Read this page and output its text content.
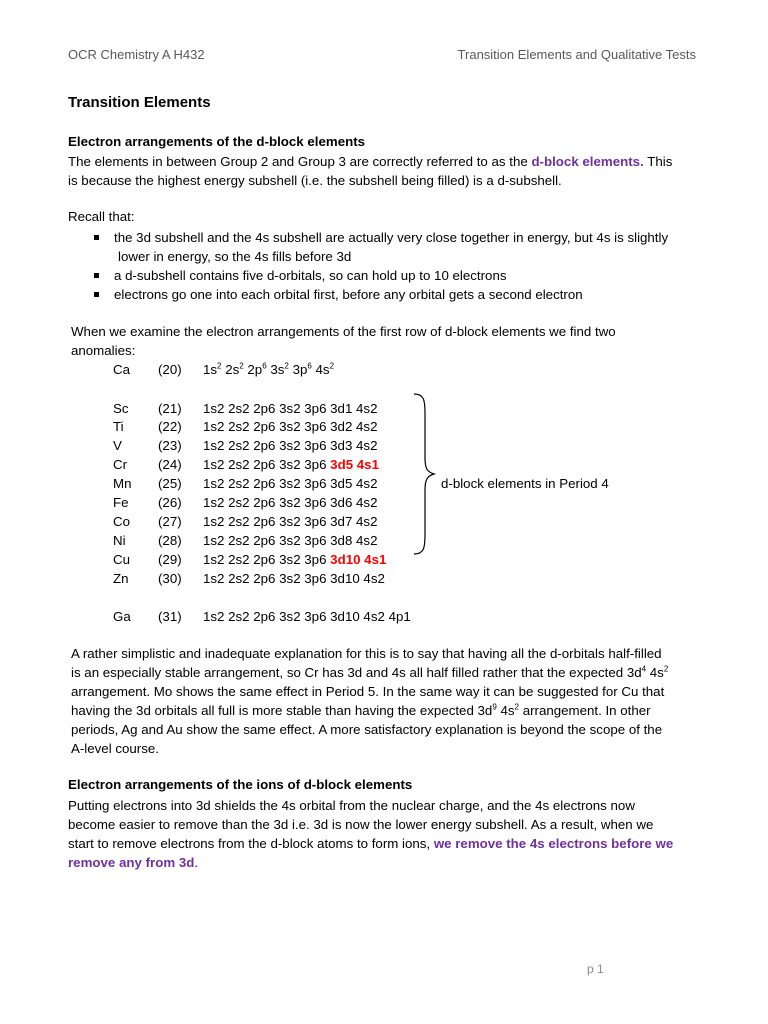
OCR Chemistry A H432	Transition Elements and Qualitative Tests
Transition Elements
Electron arrangements of the d-block elements
The elements in between Group 2 and Group 3 are correctly referred to as the d-block elements. This
is because the highest energy subshell (i.e. the subshell being filled) is a d-subshell.
Recall that:
the 3d subshell and the 4s subshell are actually very close together in energy, but 4s is slightly
lower in energy, so the 4s fills before 3d
a d-subshell contains five d-orbitals, so can hold up to 10 electrons
electrons go one into each orbital first, before any orbital gets a second electron
When we examine the electron arrangements of the first row of d-block elements we find two
anomalies:
Ca (20) $1s^2$ $2s^2$ $2p^6$ $3s^2$ $3p^6$ $4s^2$
Sc (21) 1s2 2s2 2p6 3s2 3p6 3d1 4s2
Ti	(22) 1s2 2s2 2p6 3s2 3p6 3d2 4s2
V	(23) 1s2 2s2 2p6 3s2 3p6 3d3 4s2
Cr (24) 1s2 2s2 2p6 3s2 3p6 3d5 4s1
Mn (25) 1s2 2s2 2p6 3s2 3p6 3d5 4s2
Fe (26) 1s2 2s2 2p6 3s2 3p6 3d6 4s2
Co (27) 1s2 2s2 2p6 3s2 3p6 3d7 4s2
Ni (28) 1s2 2s2 2p6 3s2 3p6 3d8 4s2
Cu (29) 1s2 2s2 2p6 3s2 3p6 3d10 4s1
Zn (30) 1s2 2s2 2p6 3s2 3p6 3d10 4s2
d-block elements in Period 4
Ga (31) 1s2 2s2 2p6 3s2 3p6 3d10 4s2 4p1
A rather simplistic and inadequate explanation for this is to say that having all the d-orbitals half-filled
is an especially stable arrangement, so Cr has 3d and 4s all half filled rather that the expected $3d^4$ $4s^2$
arrangement. Mo shows the same effect in Period 5. In the same way it can be suggested for Cu that
having the 3d orbitals all full is more stable than having the expected $3d^9$ $4s^2$ arrangement. In other
periods, Ag and Au show the same effect. A more satisfactory explanation is beyond the scope of the
A-level course.
Electron arrangements of the ions of d-block elements
Putting electrons into 3d shields the 4s orbital from the nuclear charge, and the 4s electrons now
become easier to remove than the 3d i.e. 3d is now the lower energy subshell. As a result, when we
start to remove electrons from the d-block atoms to form ions, we remove the 4s electrons before we
remove any from 3d.
p 1
